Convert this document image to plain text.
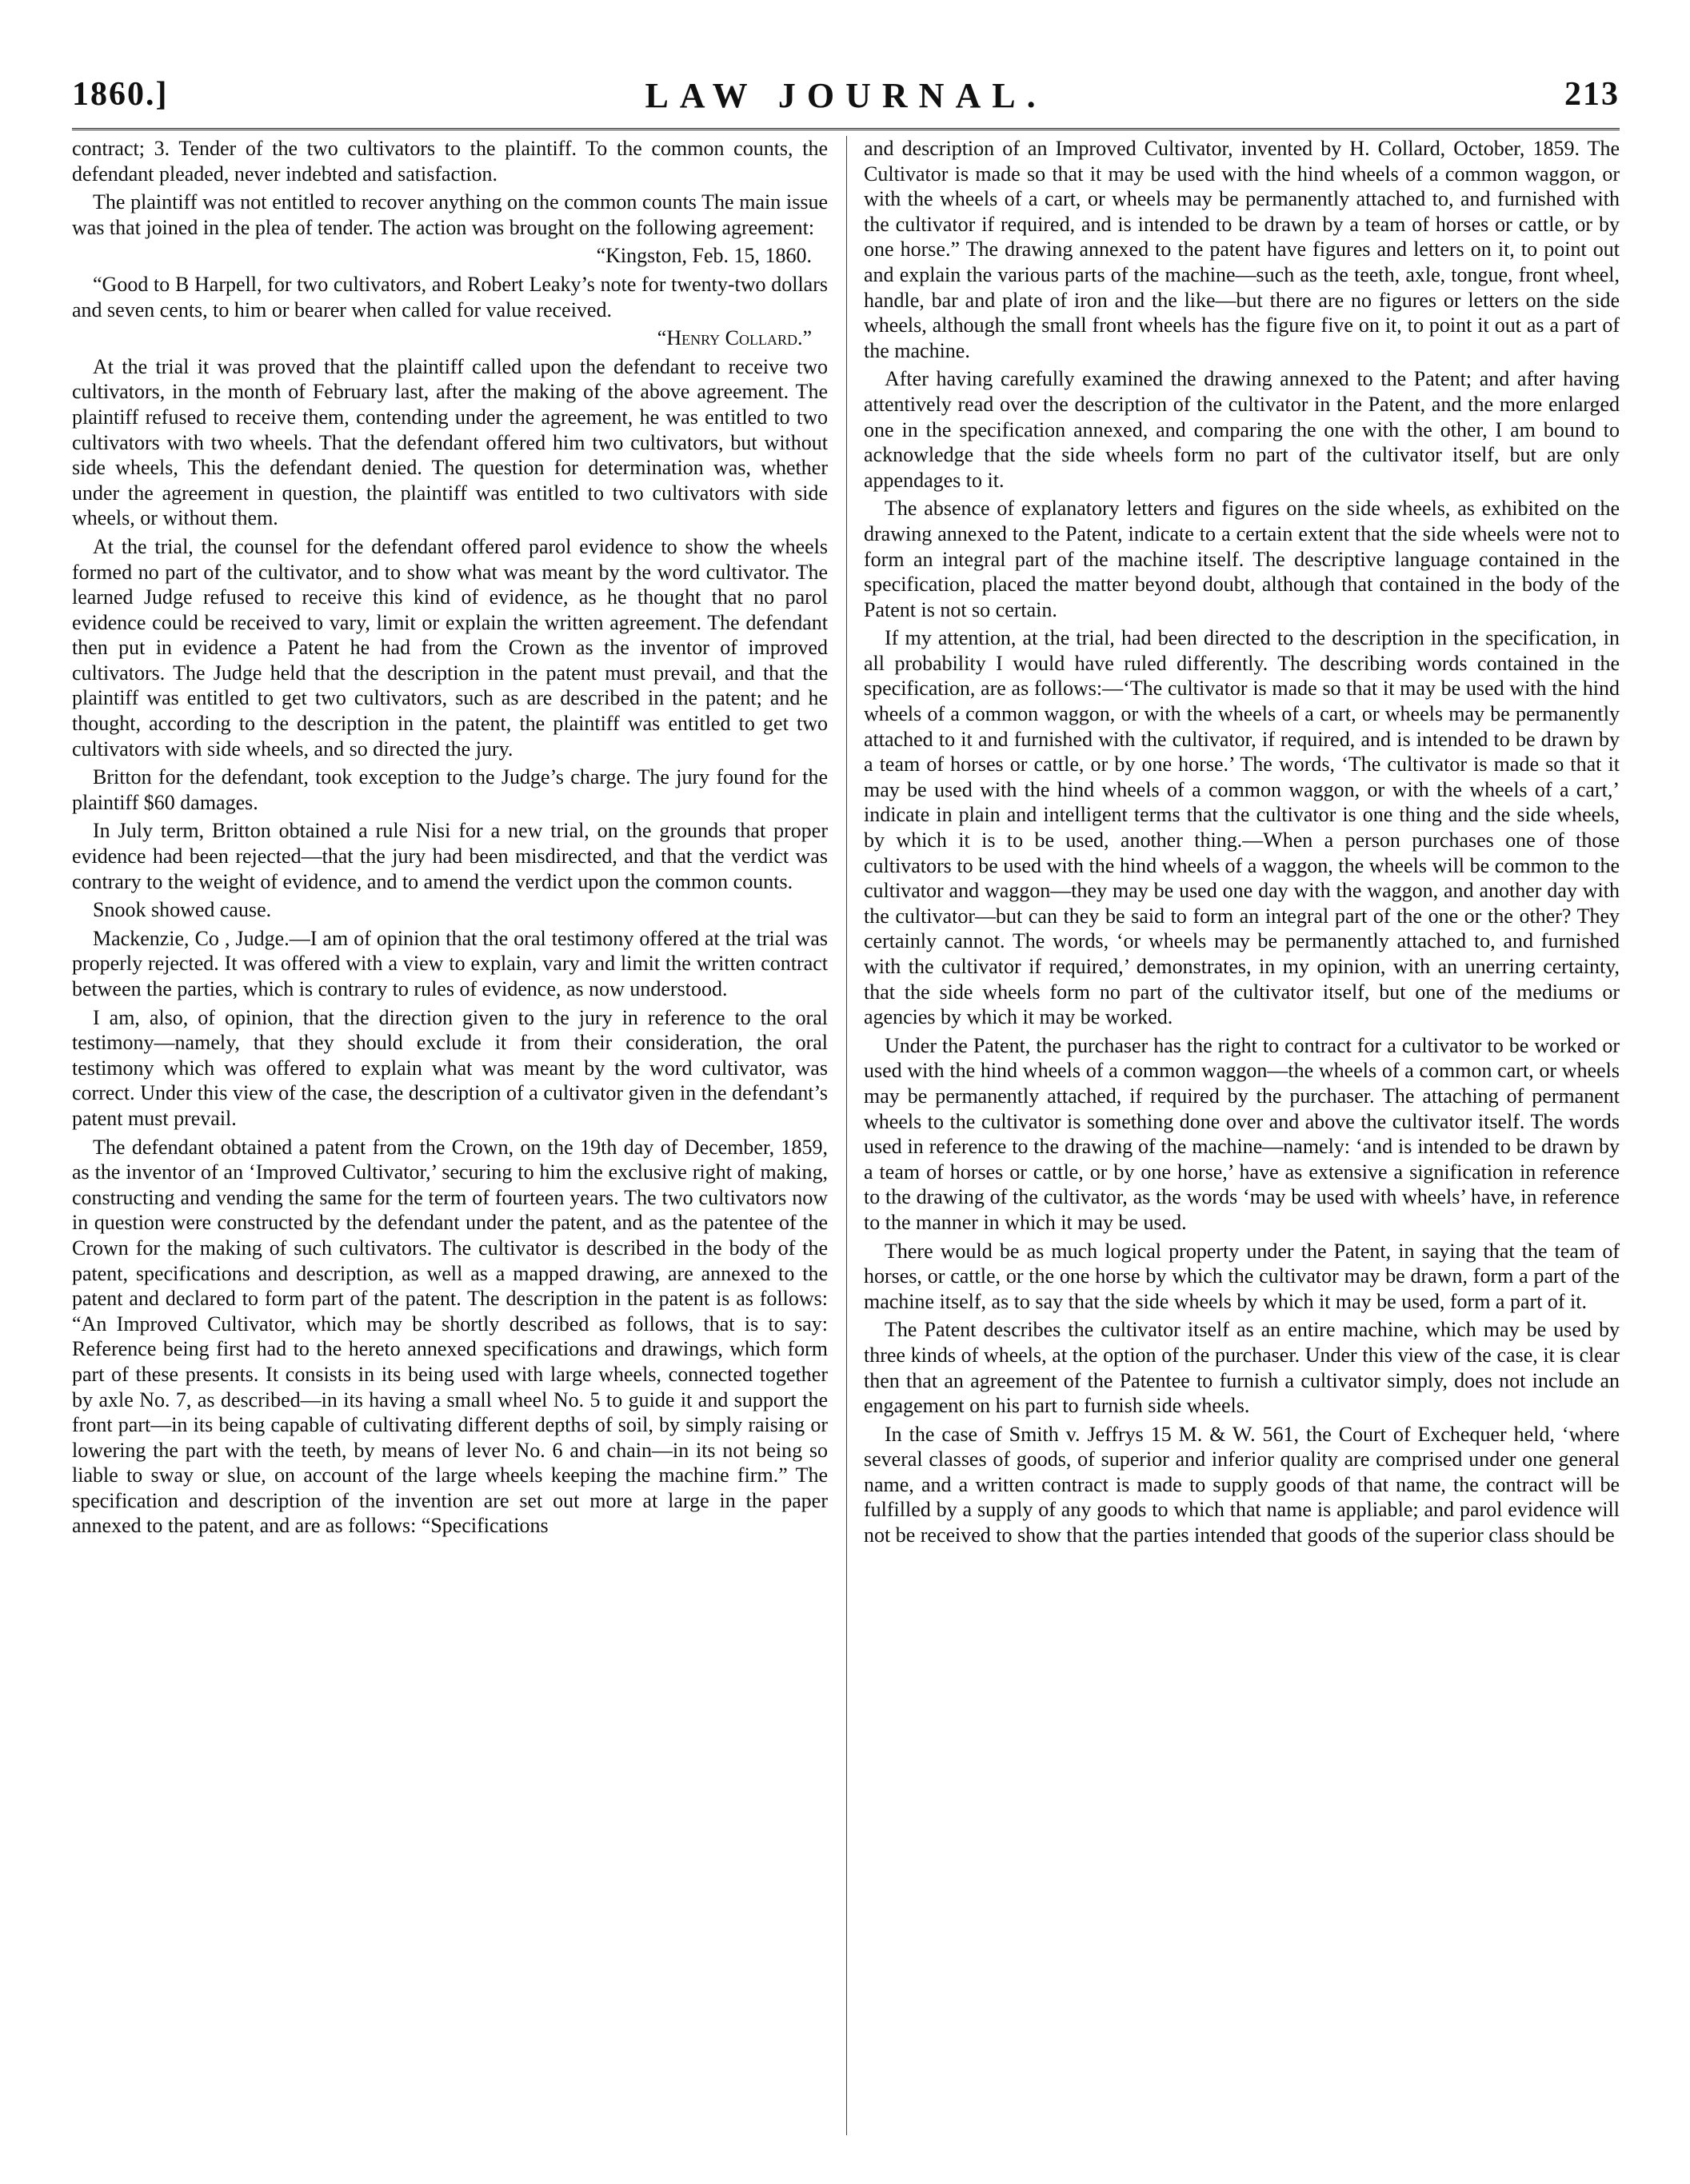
1860.]	LAW JOURNAL.	213

contract; 3. Tender of the two cultivators to the plaintiff. To the common counts, the defendant pleaded, never indebted and satisfaction.

The plaintiff was not entitled to recover anything on the common counts The main issue was that joined in the plea of tender. The action was brought on the following agreement:

“Kingston, Feb. 15, 1860.

“Good to B Harpell, for two cultivators, and Robert Leaky’s note for twenty-two dollars and seven cents, to him or bearer when called for value received.

“Henry Collard.”

At the trial it was proved that the plaintiff called upon the defendant to receive two cultivators, in the month of February last, after the making of the above agreement. The plaintiff refused to receive them, contending under the agreement, he was entitled to two cultivators with two wheels. That the defendant offered him two cultivators, but without side wheels, This the defendant denied. The question for determination was, whether under the agreement in question, the plaintiff was entitled to two cultivators with side wheels, or without them.

At the trial, the counsel for the defendant offered parol evidence to show the wheels formed no part of the cultivator, and to show what was meant by the word cultivator. The learned Judge refused to receive this kind of evidence, as he thought that no parol evidence could be received to vary, limit or explain the written agreement. The defendant then put in evidence a Patent he had from the Crown as the inventor of improved cultivators. The Judge held that the description in the patent must prevail, and that the plaintiff was entitled to get two cultivators, such as are described in the patent; and he thought, according to the description in the patent, the plaintiff was entitled to get two cultivators with side wheels, and so directed the jury.

Britton for the defendant, took exception to the Judge’s charge. The jury found for the plaintiff $60 damages.

In July term, Britton obtained a rule Nisi for a new trial, on the grounds that proper evidence had been rejected—that the jury had been misdirected, and that the verdict was contrary to the weight of evidence, and to amend the verdict upon the common counts.

Snook showed cause.

Mackenzie, Co , Judge.—I am of opinion that the oral testimony offered at the trial was properly rejected. It was offered with a view to explain, vary and limit the written contract between the parties, which is contrary to rules of evidence, as now understood.

I am, also, of opinion, that the direction given to the jury in reference to the oral testimony—namely, that they should exclude it from their consideration, the oral testimony which was offered to explain what was meant by the word cultivator, was correct. Under this view of the case, the description of a cultivator given in the defendant’s patent must prevail.

The defendant obtained a patent from the Crown, on the 19th day of December, 1859, as the inventor of an ‘Improved Cultivator,’ securing to him the exclusive right of making, constructing and vending the same for the term of fourteen years. The two cultivators now in question were constructed by the defendant under the patent, and as the patentee of the Crown for the making of such cultivators. The cultivator is described in the body of the patent, specifications and description, as well as a mapped drawing, are annexed to the patent and declared to form part of the patent. The description in the patent is as follows: “An Improved Cultivator, which may be shortly described as follows, that is to say: Reference being first had to the hereto annexed specifications and drawings, which form part of these presents. It consists in its being used with large wheels, connected together by axle No. 7, as described—in its having a small wheel No. 5 to guide it and support the front part—in its being capable of cultivating different depths of soil, by simply raising or lowering the part with the teeth, by means of lever No. 6 and chain—in its not being so liable to sway or slue, on account of the large wheels keeping the machine firm.” The specification and description of the invention are set out more at large in the paper annexed to the patent, and are as follows: “Specifications

and description of an Improved Cultivator, invented by H. Collard, October, 1859. The Cultivator is made so that it may be used with the hind wheels of a common waggon, or with the wheels of a cart, or wheels may be permanently attached to, and furnished with the cultivator if required, and is intended to be drawn by a team of horses or cattle, or by one horse.” The drawing annexed to the patent have figures and letters on it, to point out and explain the various parts of the machine—such as the teeth, axle, tongue, front wheel, handle, bar and plate of iron and the like—but there are no figures or letters on the side wheels, although the small front wheels has the figure five on it, to point it out as a part of the machine.

After having carefully examined the drawing annexed to the Patent; and after having attentively read over the description of the cultivator in the Patent, and the more enlarged one in the specification annexed, and comparing the one with the other, I am bound to acknowledge that the side wheels form no part of the cultivator itself, but are only appendages to it.

The absence of explanatory letters and figures on the side wheels, as exhibited on the drawing annexed to the Patent, indicate to a certain extent that the side wheels were not to form an integral part of the machine itself. The descriptive language contained in the specification, placed the matter beyond doubt, although that contained in the body of the Patent is not so certain.

If my attention, at the trial, had been directed to the description in the specification, in all probability I would have ruled differently. The describing words contained in the specification, are as follows:—‘The cultivator is made so that it may be used with the hind wheels of a common waggon, or with the wheels of a cart, or wheels may be permanently attached to it and furnished with the cultivator, if required, and is intended to be drawn by a team of horses or cattle, or by one horse.’ The words, ‘The cultivator is made so that it may be used with the hind wheels of a common waggon, or with the wheels of a cart,’ indicate in plain and intelligent terms that the cultivator is one thing and the side wheels, by which it is to be used, another thing.—When a person purchases one of those cultivators to be used with the hind wheels of a waggon, the wheels will be common to the cultivator and waggon—they may be used one day with the waggon, and another day with the cultivator—but can they be said to form an integral part of the one or the other? They certainly cannot. The words, ‘or wheels may be permanently attached to, and furnished with the cultivator if required,’ demonstrates, in my opinion, with an unerring certainty, that the side wheels form no part of the cultivator itself, but one of the mediums or agencies by which it may be worked.

Under the Patent, the purchaser has the right to contract for a cultivator to be worked or used with the hind wheels of a common waggon—the wheels of a common cart, or wheels may be permanently attached, if required by the purchaser. The attaching of permanent wheels to the cultivator is something done over and above the cultivator itself. The words used in reference to the drawing of the machine—namely: ‘and is intended to be drawn by a team of horses or cattle, or by one horse,’ have as extensive a signification in reference to the drawing of the cultivator, as the words ‘may be used with wheels’ have, in reference to the manner in which it may be used.

There would be as much logical property under the Patent, in saying that the team of horses, or cattle, or the one horse by which the cultivator may be drawn, form a part of the machine itself, as to say that the side wheels by which it may be used, form a part of it.

The Patent describes the cultivator itself as an entire machine, which may be used by three kinds of wheels, at the option of the purchaser. Under this view of the case, it is clear then that an agreement of the Patentee to furnish a cultivator simply, does not include an engagement on his part to furnish side wheels.

In the case of Smith v. Jeffrys 15 M. & W. 561, the Court of Exchequer held, ‘where several classes of goods, of superior and inferior quality are comprised under one general name, and a written contract is made to supply goods of that name, the contract will be fulfilled by a supply of any goods to which that name is appliable; and parol evidence will not be received to show that the parties intended that goods of the superior class should be
